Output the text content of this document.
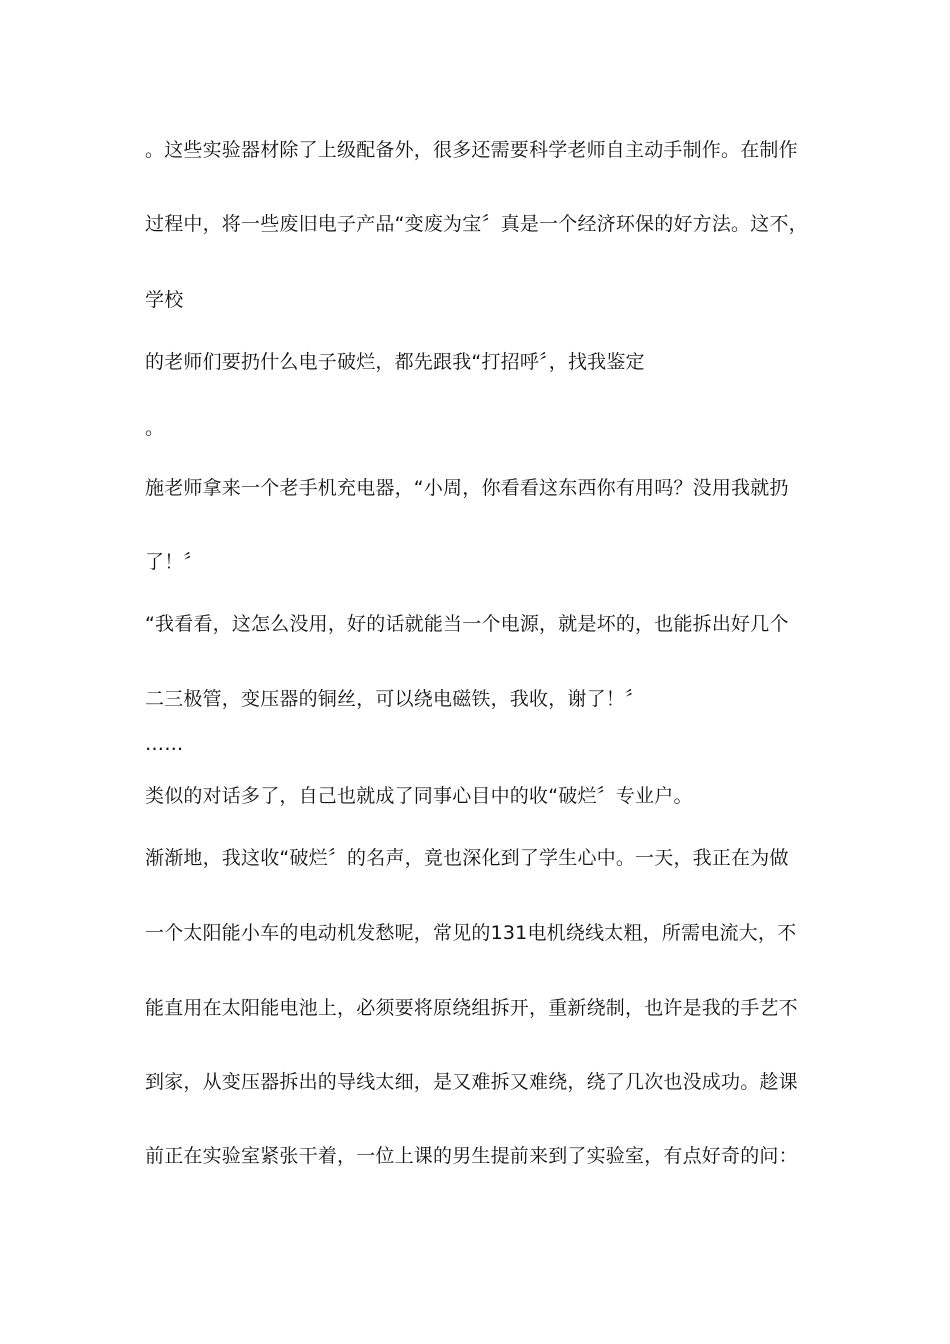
。这些实验器材除了上级配备外，很多还需要科学老师自主动手制作。在制作
过程中，将一些废旧电子产品“变废为宝〞真是一个经济环保的好方法。这不，
学校
的老师们要扔什么电子破烂，都先跟我“打招呼〞，找我鉴定
。
施老师拿来一个老手机充电器，“小周，你看看这东西你有用吗？没用我就扔
了！〞
“我看看，这怎么没用，好的话就能当一个电源，就是坏的，也能拆出好几个
二三极管，变压器的铜丝，可以绕电磁铁，我收，谢了！〞
……
类似的对话多了，自己也就成了同事心目中的收“破烂〞专业户。
渐渐地，我这收“破烂〞的名声，竟也深化到了学生心中。一天，我正在为做
一个太阳能小车的电动机发愁呢，常见的131电机绕线太粗，所需电流大，不
能直用在太阳能电池上，必须要将原绕组拆开，重新绕制，也许是我的手艺不
到家，从变压器拆出的导线太细，是又难拆又难绕，绕了几次也没成功。趁课
前正在实验室紧张干着，一位上课的男生提前来到了实验室，有点好奇的问：
